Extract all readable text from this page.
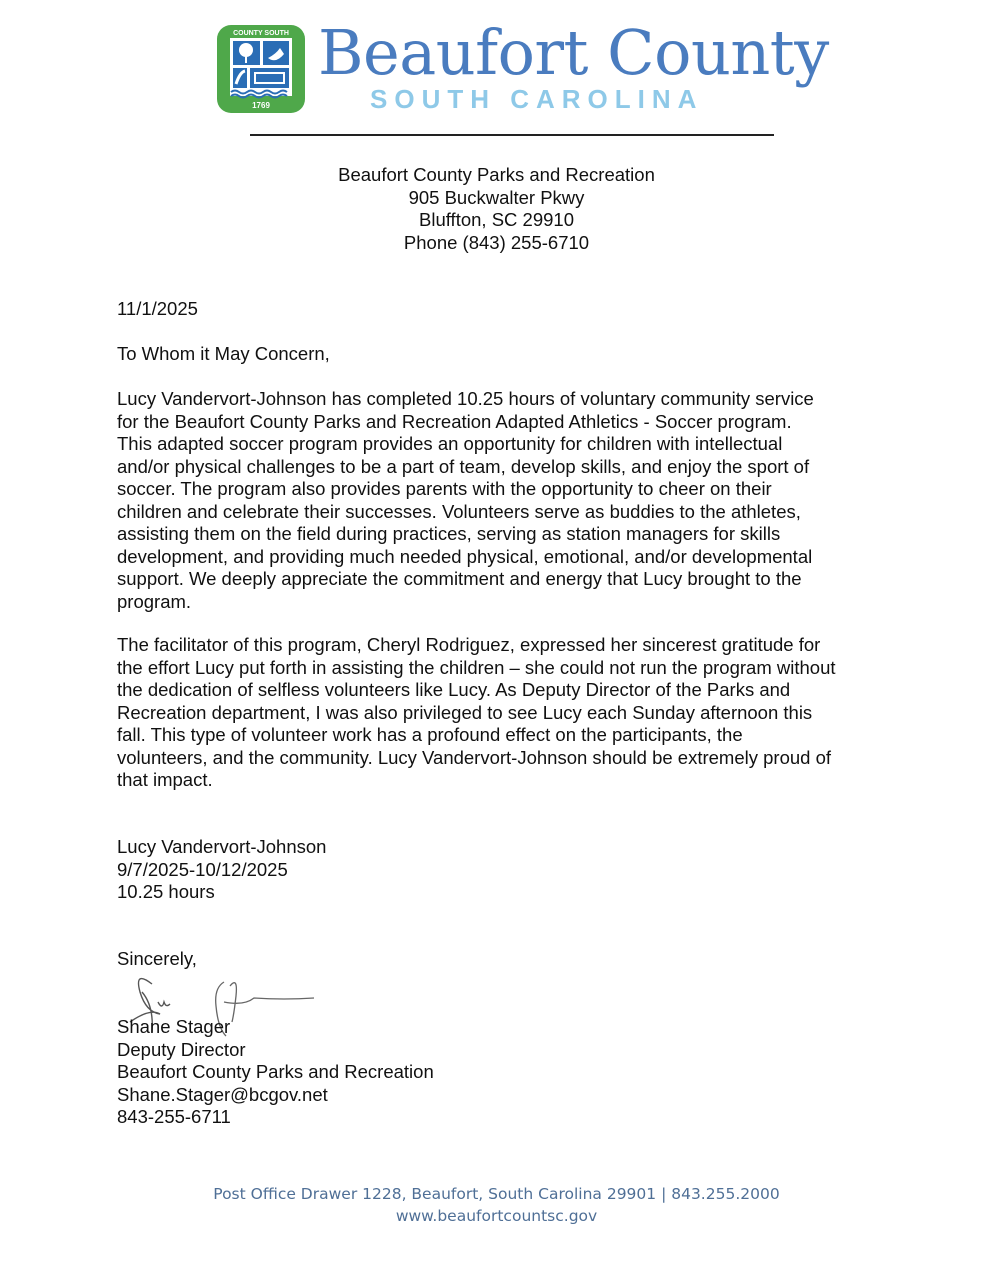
1769
COUNTY SOUTH Beaufort County
SOUTH CAROLINA
Beaufort County Parks and Recreation
905 Buckwalter Pkwy
Bluffton, SC 29910
Phone (843) 255-6710
11/1/2025
To Whom it May Concern,
Lucy Vandervort-Johnson has completed 10.25 hours of voluntary community service
for the Beaufort County Parks and Recreation Adapted Athletics - Soccer program.
This adapted soccer program provides an opportunity for children with intellectual
and/or physical challenges to be a part of team, develop skills, and enjoy the sport of
soccer. The program also provides parents with the opportunity to cheer on their
children and celebrate their successes. Volunteers serve as buddies to the athletes,
assisting them on the field during practices, serving as station managers for skills
development, and providing much needed physical, emotional, and/or developmental
support. We deeply appreciate the commitment and energy that Lucy brought to the
program.
The facilitator of this program, Cheryl Rodriguez, expressed her sincerest gratitude for
the effort Lucy put forth in assisting the children – she could not run the program without
the dedication of selfless volunteers like Lucy. As Deputy Director of the Parks and
Recreation department, I was also privileged to see Lucy each Sunday afternoon this
fall. This type of volunteer work has a profound effect on the participants, the
volunteers, and the community. Lucy Vandervort-Johnson should be extremely proud of
that impact.
Lucy Vandervort-Johnson
9/7/2025-10/12/2025
10.25 hours
Sincerely,
Shane Stager
Deputy Director
Beaufort County Parks and Recreation
Shane.Stager@bcgov.net
843-255-6711
Post Office Drawer 1228, Beaufort, South Carolina 29901 | 843.255.2000
www.beaufortcountsc.gov
